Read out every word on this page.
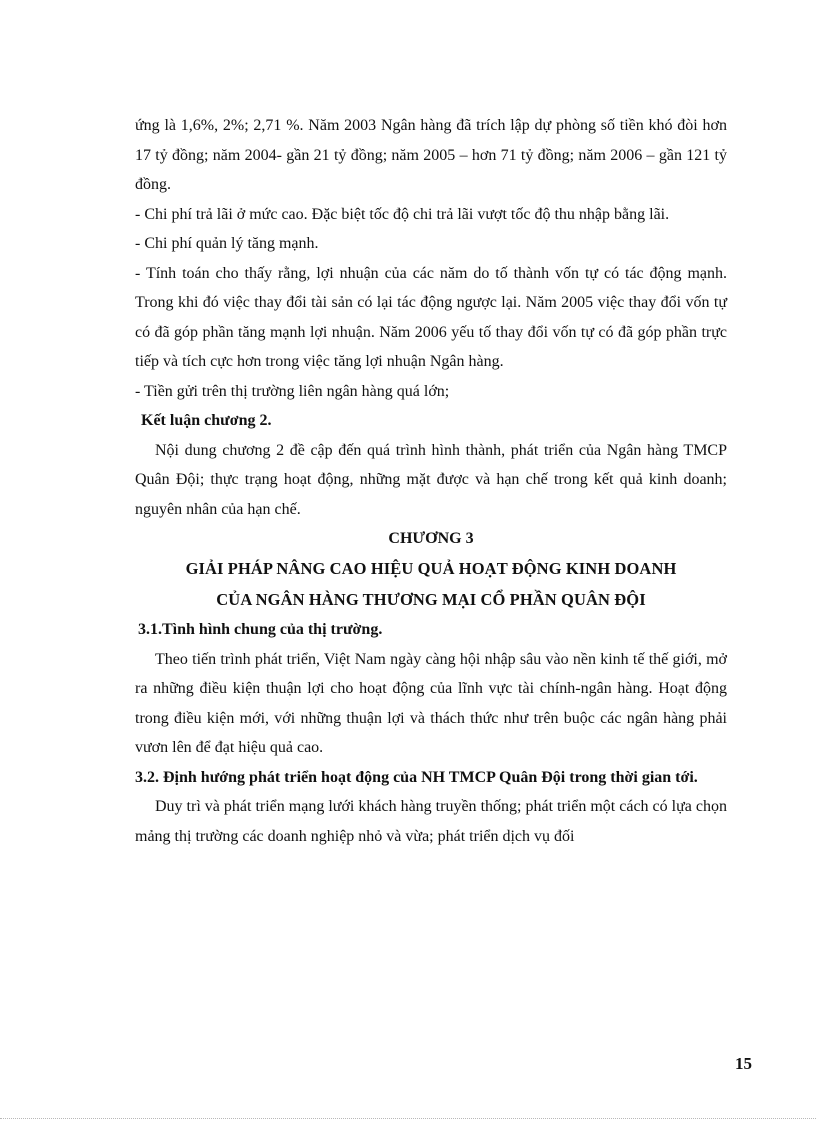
ứng là 1,6%, 2%; 2,71 %. Năm 2003 Ngân hàng đã trích lập dự phòng số tiền khó đòi hơn 17 tỷ đồng; năm 2004- gần 21 tỷ đồng; năm 2005 – hơn 71 tỷ đồng; năm 2006 – gần 121 tỷ đồng.

- Chi phí trả lãi ở mức cao. Đặc biệt tốc độ chi trả lãi vượt tốc độ thu nhập bằng lãi.

- Chi phí quản lý tăng mạnh.

- Tính toán cho thấy rằng, lợi nhuận của các năm do tố thành vốn tự có tác động mạnh. Trong khi đó việc thay đổi tài sản có lại tác động ngược lại. Năm 2005 việc thay đổi vốn tự có đã góp phần tăng mạnh lợi nhuận. Năm 2006 yếu tố thay đổi vốn tự có đã góp phần trực tiếp và tích cực hơn trong việc tăng lợi nhuận Ngân hàng.

- Tiền gửi trên thị trường liên ngân hàng quá lớn;

Kết luận chương 2.

Nội dung chương 2 đề cập đến quá trình hình thành, phát triển của Ngân hàng TMCP Quân Đội; thực trạng hoạt động, những mặt được và hạn chế trong kết quả kinh doanh; nguyên nhân của hạn chế.

CHƯƠNG 3

GIẢI PHÁP NÂNG CAO HIỆU QUẢ HOẠT ĐỘNG KINH DOANH

CỦA NGÂN HÀNG THƯƠNG MẠI CỔ PHẦN QUÂN ĐỘI

3.1.Tình hình chung của thị trường.

Theo tiến trình phát triển, Việt Nam ngày càng hội nhập sâu vào nền kinh tế thế giới, mở ra những điều kiện thuận lợi cho hoạt động của lĩnh vực tài chính-ngân hàng. Hoạt động trong điều kiện mới, với những thuận lợi và thách thức như trên buộc các ngân hàng phải vươn lên để đạt hiệu quả cao.

3.2. Định hướng phát triển hoạt động của NH TMCP Quân Đội trong thời gian tới.

Duy trì và phát triển mạng lưới khách hàng truyền thống; phát triển một cách có lựa chọn mảng thị trường các doanh nghiệp nhỏ và vừa; phát triển dịch vụ đối

15
